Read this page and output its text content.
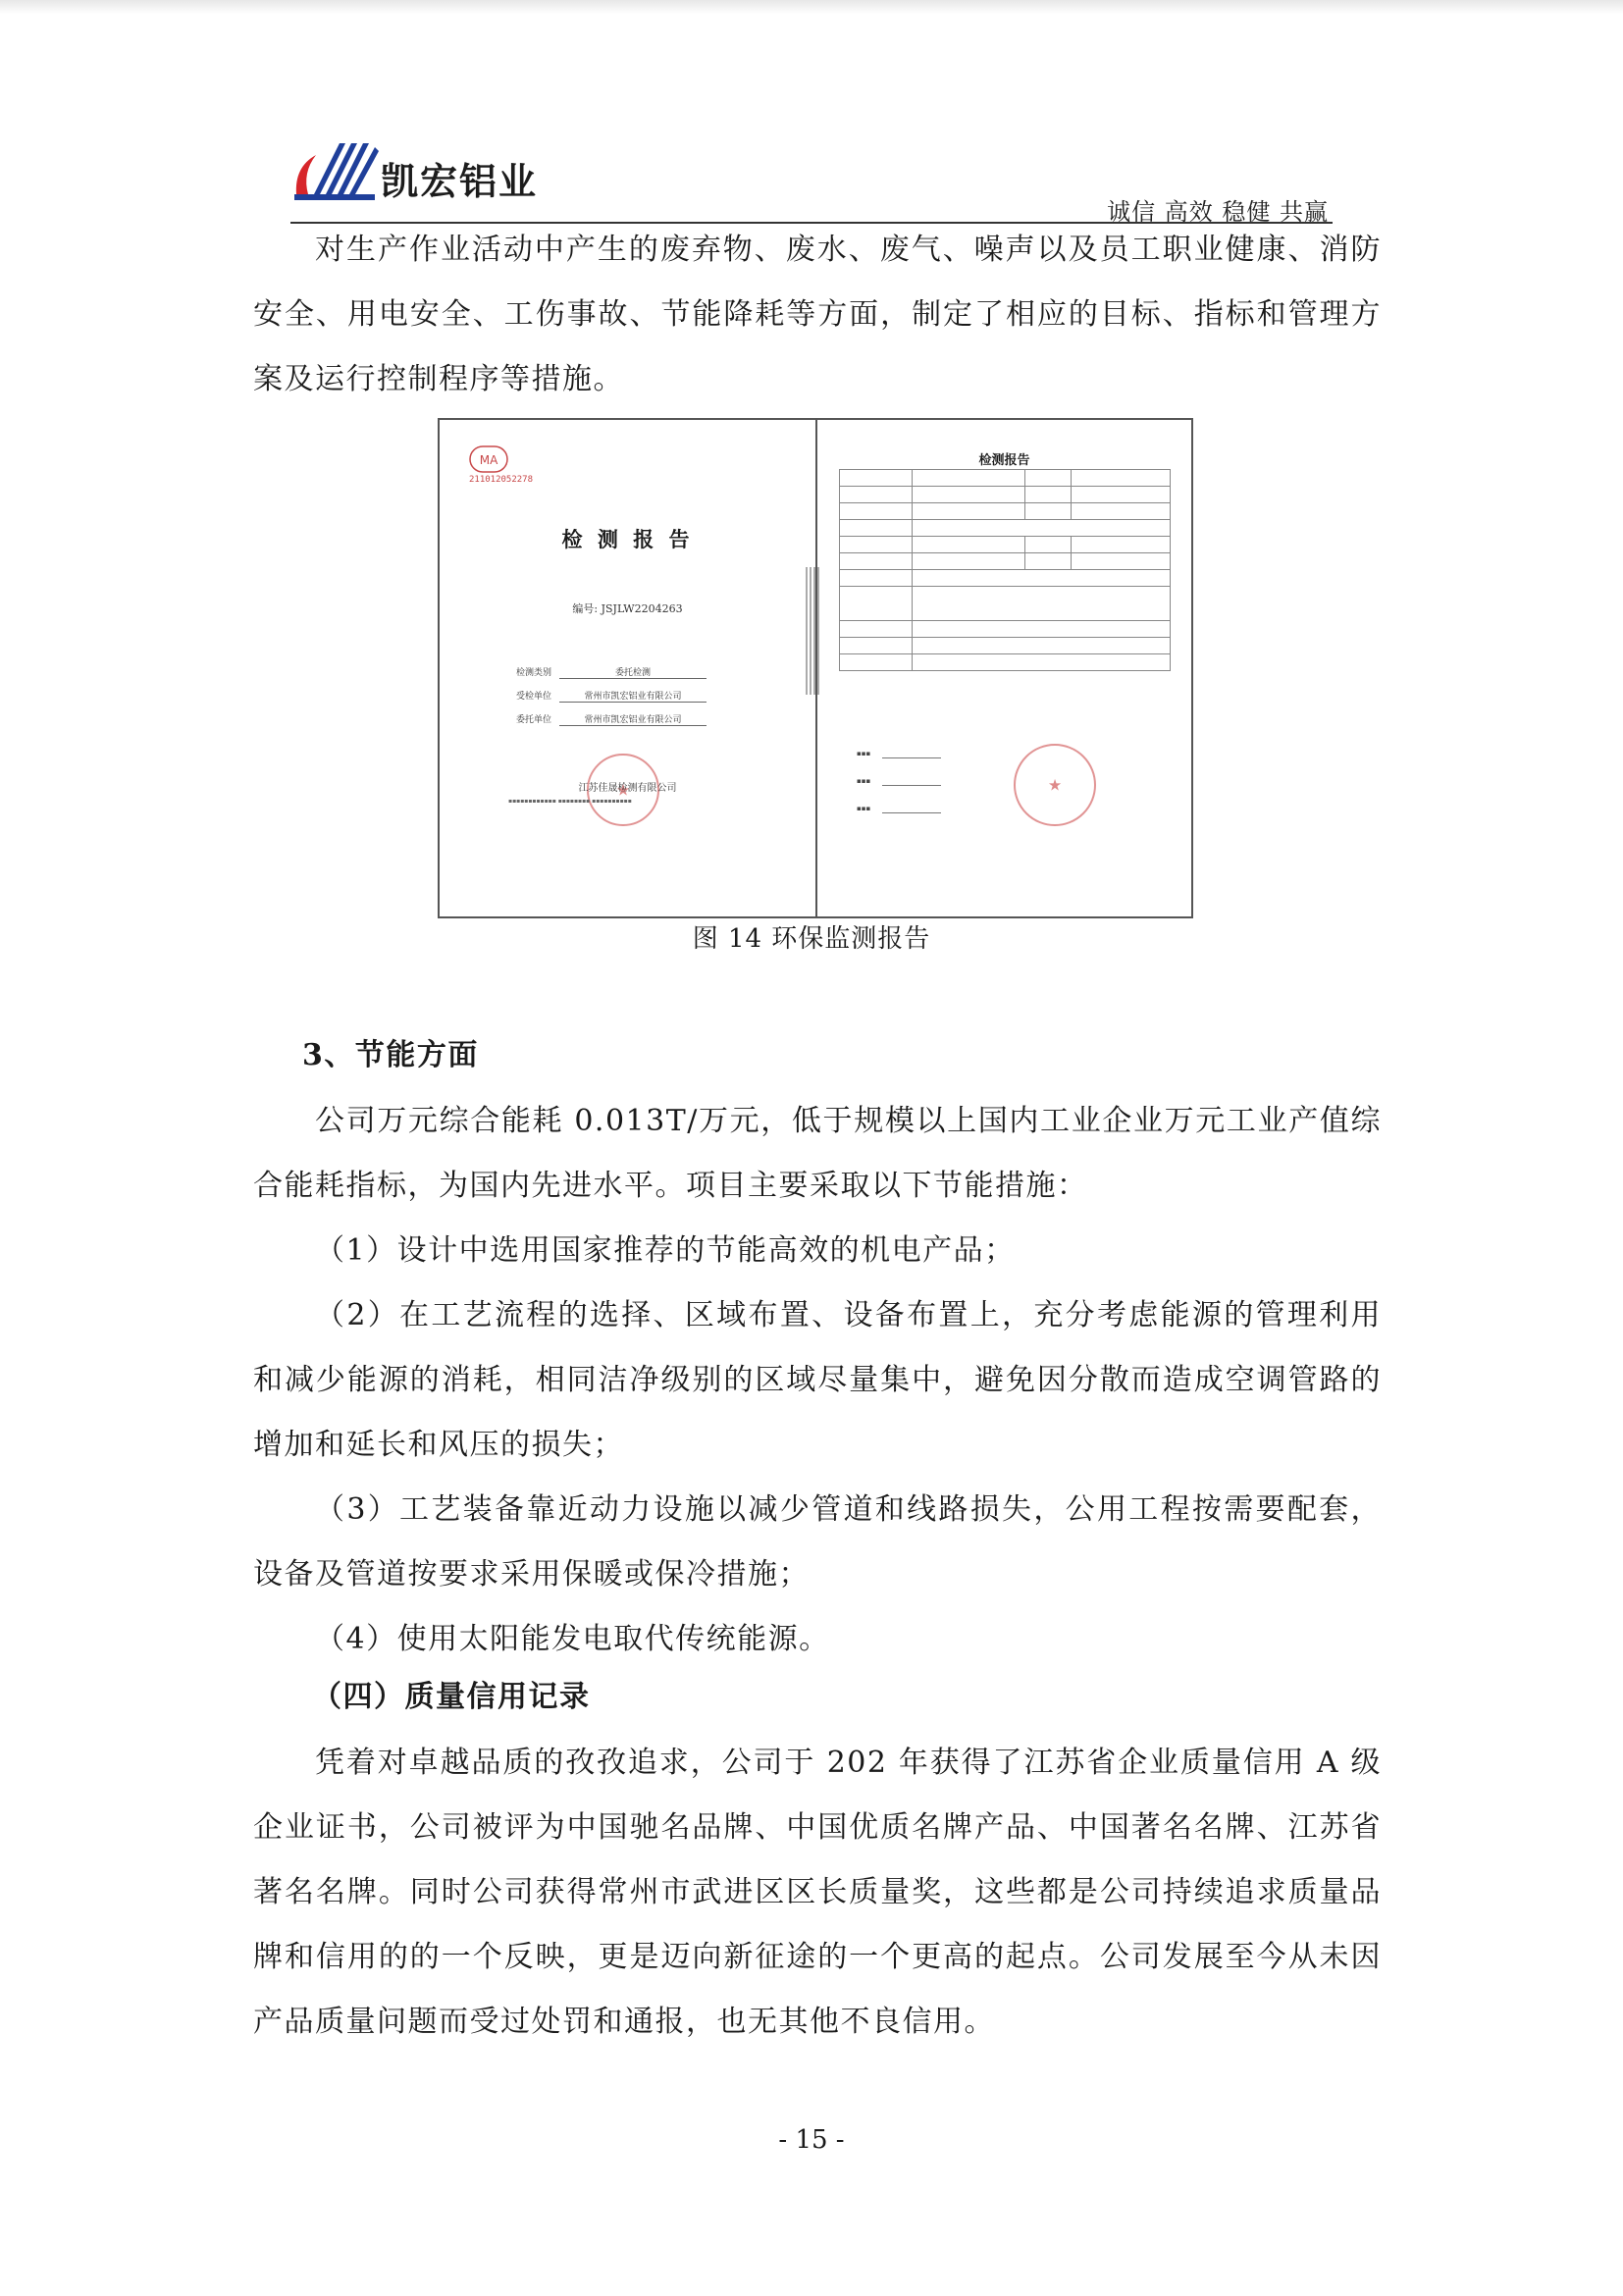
凯宏铝业
诚信 高效 稳健 共赢

对生产作业活动中产生的废弃物、废水、废气、噪声以及员工职业健康、消防安全、用电安全、工伤事故、节能降耗等方面，制定了相应的目标、指标和管理方案及运行控制程序等措施。

MA
211012052278
检 测 报 告
编号: JSJLW2204263
检测类别	委托检测
受检单位	常州市凯宏铝业有限公司
委托单位	常州市凯宏铝业有限公司
★
江苏佳晟检测有限公司
▪▪▪▪▪▪▪▪▪▪▪▪ ▪▪▪▪▪▪▪▪ ▪▪▪▪▪▪▪▪▪▪
检测报告

▪▪▪
▪▪▪
▪▪▪
★
图 14 环保监测报告
3、节能方面

公司万元综合能耗 0.013T/万元，低于规模以上国内工业企业万元工业产值综合能耗指标，为国内先进水平。项目主要采取以下节能措施：

（1）设计中选用国家推荐的节能高效的机电产品；

（2）在工艺流程的选择、区域布置、设备布置上，充分考虑能源的管理利用和减少能源的消耗，相同洁净级别的区域尽量集中，避免因分散而造成空调管路的增加和延长和风压的损失；

（3）工艺装备靠近动力设施以减少管道和线路损失，公用工程按需要配套，设备及管道按要求采用保暖或保冷措施；

（4）使用太阳能发电取代传统能源。

（四）质量信用记录

凭着对卓越品质的孜孜追求，公司于 202 年获得了江苏省企业质量信用 A 级企业证书，公司被评为中国驰名品牌、中国优质名牌产品、中国著名名牌、江苏省著名名牌。同时公司获得常州市武进区区长质量奖，这些都是公司持续追求质量品牌和信用的的一个反映，更是迈向新征途的一个更高的起点。公司发展至今从未因产品质量问题而受过处罚和通报，也无其他不良信用。

- 15 -
